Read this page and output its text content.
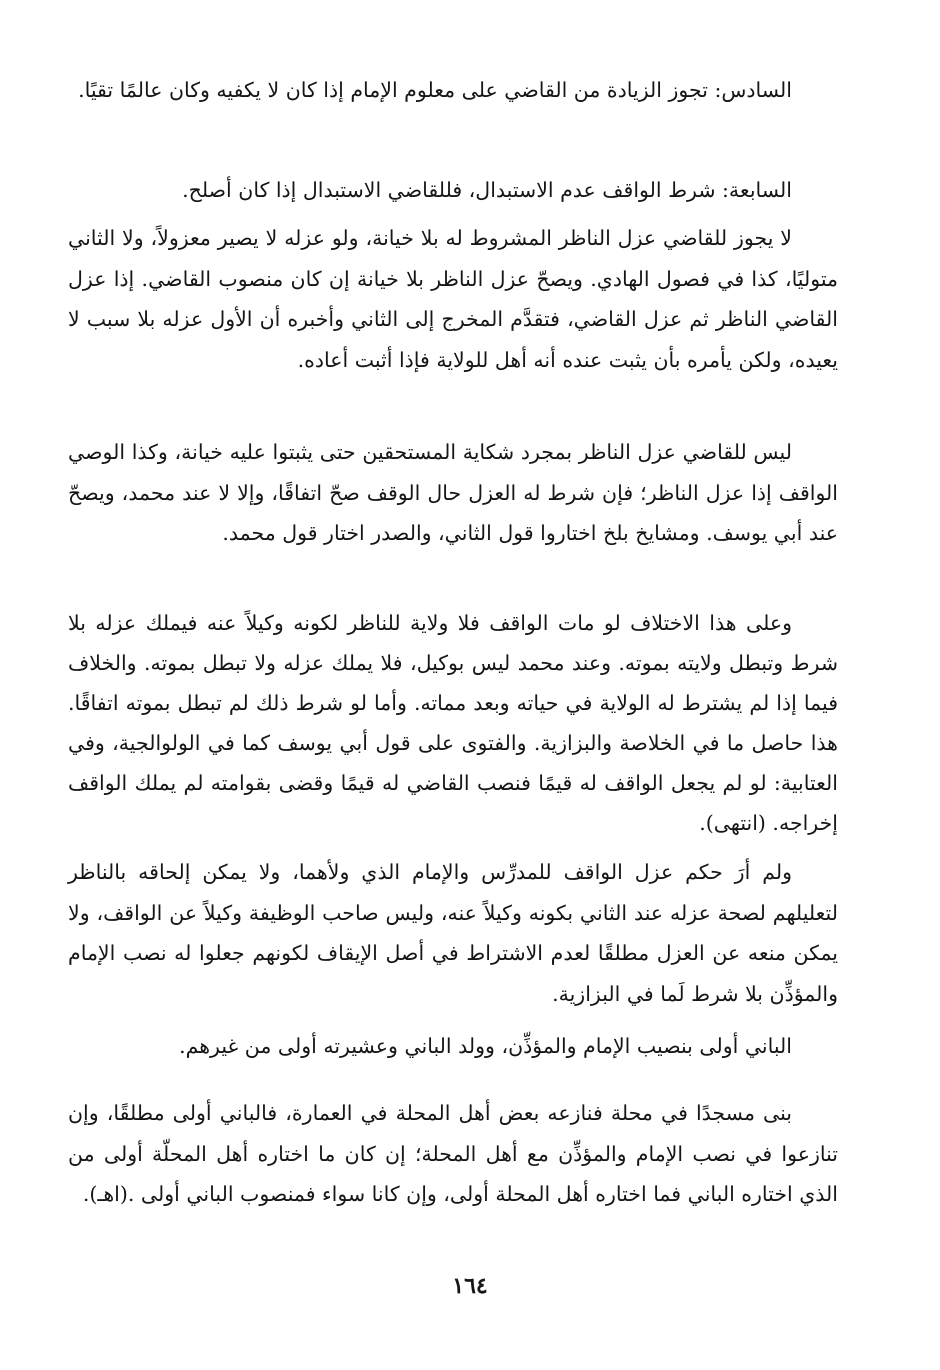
السادس: تجوز الزيادة من القاضي على معلوم الإمام إذا كان لا يكفيه وكان عالمًا تقيًا.

السابعة: شرط الواقف عدم الاستبدال، فللقاضي الاستبدال إذا كان أصلح.

لا يجوز للقاضي عزل الناظر المشروط له بلا خيانة، ولو عزله لا يصير معزولاً، ولا الثاني متوليًا، كذا في فصول الهادي. ويصحّ عزل الناظر بلا خيانة إن كان منصوب القاضي. إذا عزل القاضي الناظر ثم عزل القاضي، فتقدَّم المخرج إلى الثاني وأخبره أن الأول عزله بلا سبب لا يعيده، ولكن يأمره بأن يثبت عنده أنه أهل للولاية فإذا أثبت أعاده.

ليس للقاضي عزل الناظر بمجرد شكاية المستحقين حتى يثبتوا عليه خيانة، وكذا الوصي الواقف إذا عزل الناظر؛ فإن شرط له العزل حال الوقف صحّ اتفاقًا، وإلا لا عند محمد، ويصحّ عند أبي يوسف. ومشايخ بلخ اختاروا قول الثاني، والصدر اختار قول محمد.

وعلى هذا الاختلاف لو مات الواقف فلا ولاية للناظر لكونه وكيلاً عنه فيملك عزله بلا شرط وتبطل ولايته بموته. وعند محمد ليس بوكيل، فلا يملك عزله ولا تبطل بموته. والخلاف فيما إذا لم يشترط له الولاية في حياته وبعد مماته. وأما لو شرط ذلك لم تبطل بموته اتفاقًا. هذا حاصل ما في الخلاصة والبزازية. والفتوى على قول أبي يوسف كما في الولوالجية، وفي العتابية: لو لم يجعل الواقف له قيمًا فنصب القاضي له قيمًا وقضى بقوامته لم يملك الواقف إخراجه. (انتهى).

ولم أرَ حكم عزل الواقف للمدرِّس والإمام الذي ولأهما، ولا يمكن إلحاقه بالناظر لتعليلهم لصحة عزله عند الثاني بكونه وكيلاً عنه، وليس صاحب الوظيفة وكيلاً عن الواقف، ولا يمكن منعه عن العزل مطلقًا لعدم الاشتراط في أصل الإيقاف لكونهم جعلوا له نصب الإمام والمؤذِّن بلا شرط لَما في البزازية.

الباني أولى بنصيب الإمام والمؤذِّن، وولد الباني وعشيرته أولى من غيرهم.

بنى مسجدًا في محلة فنازعه بعض أهل المحلة في العمارة، فالباني أولى مطلقًا، وإن تنازعوا في نصب الإمام والمؤذِّن مع أهل المحلة؛ إن كان ما اختاره أهل المحلّة أولى من الذي اختاره الباني فما اختاره أهل المحلة أولى، وإن كانا سواء فمنصوب الباني أولى .(اهـ).

١٦٤
